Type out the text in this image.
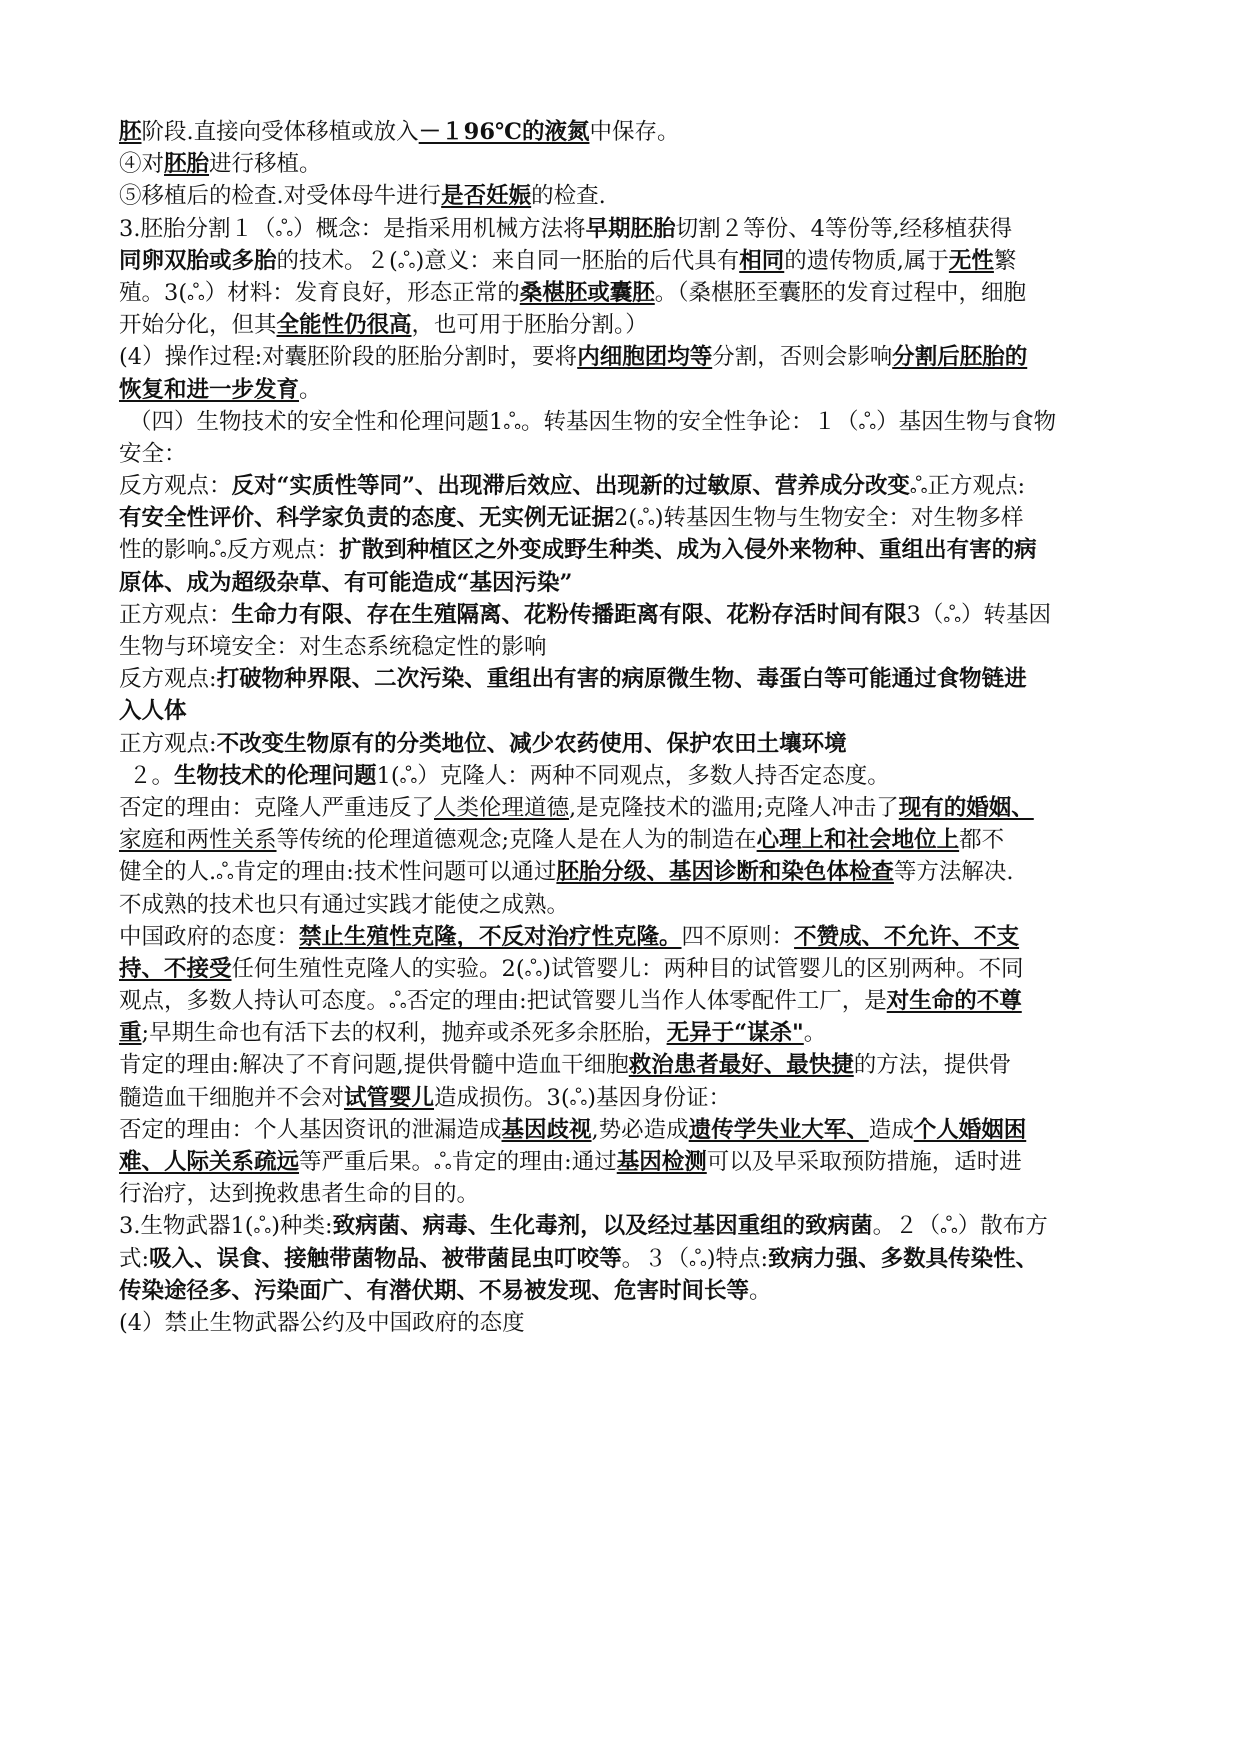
胚阶段.直接向受体移植或放入－１96℃的液氮中保存。
④对胚胎进行移植。
⑤移植后的检查.对受体母牛进行是否妊娠的检查.
3.胚胎分割１（ஃ）概念：是指采用机械方法将早期胚胎切割２等份、4等份等,经移植获得
同卵双胎或多胎的技术。２(ஃ)意义：来自同一胚胎的后代具有相同的遗传物质,属于无性繁
殖。3(ஃ）材料：发育良好，形态正常的桑椹胚或囊胚。（桑椹胚至囊胚的发育过程中，细胞
开始分化，但其全能性仍很高，也可用于胚胎分割。）
(4）操作过程:对囊胚阶段的胚胎分割时，要将内细胞团均等分割，否则会影响分割后胚胎的
恢复和进一步发育。
（四）生物技术的安全性和伦理问题1ஃ。转基因生物的安全性争论：１（ஃ）基因生物与食物
安全：
反方观点：反对“实质性等同”、出现滞后效应、出现新的过敏原、营养成分改变ஃ正方观点:
有安全性评价、科学家负责的态度、无实例无证据2(ஃ)转基因生物与生物安全：对生物多样
性的影响ஃ反方观点：扩散到种植区之外变成野生种类、成为入侵外来物种、重组出有害的病
原体、成为超级杂草、有可能造成“基因污染”
正方观点：生命力有限、存在生殖隔离、花粉传播距离有限、花粉存活时间有限3（ஃ）转基因
生物与环境安全：对生态系统稳定性的影响
反方观点:打破物种界限、二次污染、重组出有害的病原微生物、毒蛋白等可能通过食物链进
入人体
正方观点:不改变生物原有的分类地位、减少农药使用、保护农田土壤环境
２。生物技术的伦理问题1(ஃ）克隆人：两种不同观点，多数人持否定态度。
否定的理由：克隆人严重违反了人类伦理道德,是克隆技术的滥用;克隆人冲击了现有的婚姻、
家庭和两性关系等传统的伦理道德观念;克隆人是在人为的制造在心理上和社会地位上都不
健全的人.ஃ肯定的理由:技术性问题可以通过胚胎分级、基因诊断和染色体检查等方法解决.
不成熟的技术也只有通过实践才能使之成熟。
中国政府的态度：禁止生殖性克隆，不反对治疗性克隆。四不原则：不赞成、不允许、不支
持、不接受任何生殖性克隆人的实验。2(ஃ)试管婴儿：两种目的试管婴儿的区别两种。不同
观点，多数人持认可态度。ஃ否定的理由:把试管婴儿当作人体零配件工厂，是对生命的不尊
重;早期生命也有活下去的权利，抛弃或杀死多余胚胎，无异于“谋杀"。
肯定的理由:解决了不育问题,提供骨髓中造血干细胞救治患者最好、最快捷的方法，提供骨
髓造血干细胞并不会对试管婴儿造成损伤。3(ஃ)基因身份证：
否定的理由：个人基因资讯的泄漏造成基因歧视,势必造成遗传学失业大军、造成个人婚姻困
难、人际关系疏远等严重后果。ஃ肯定的理由:通过基因检测可以及早采取预防措施，适时进
行治疗，达到挽救患者生命的目的。
3.生物武器1(ஃ)种类:致病菌、病毒、生化毒剂，以及经过基因重组的致病菌。２（ஃ）散布方
式:吸入、误食、接触带菌物品、被带菌昆虫叮咬等。３（ஃ)特点:致病力强、多数具传染性、
传染途径多、污染面广、有潜伏期、不易被发现、危害时间长等。
(4）禁止生物武器公约及中国政府的态度
